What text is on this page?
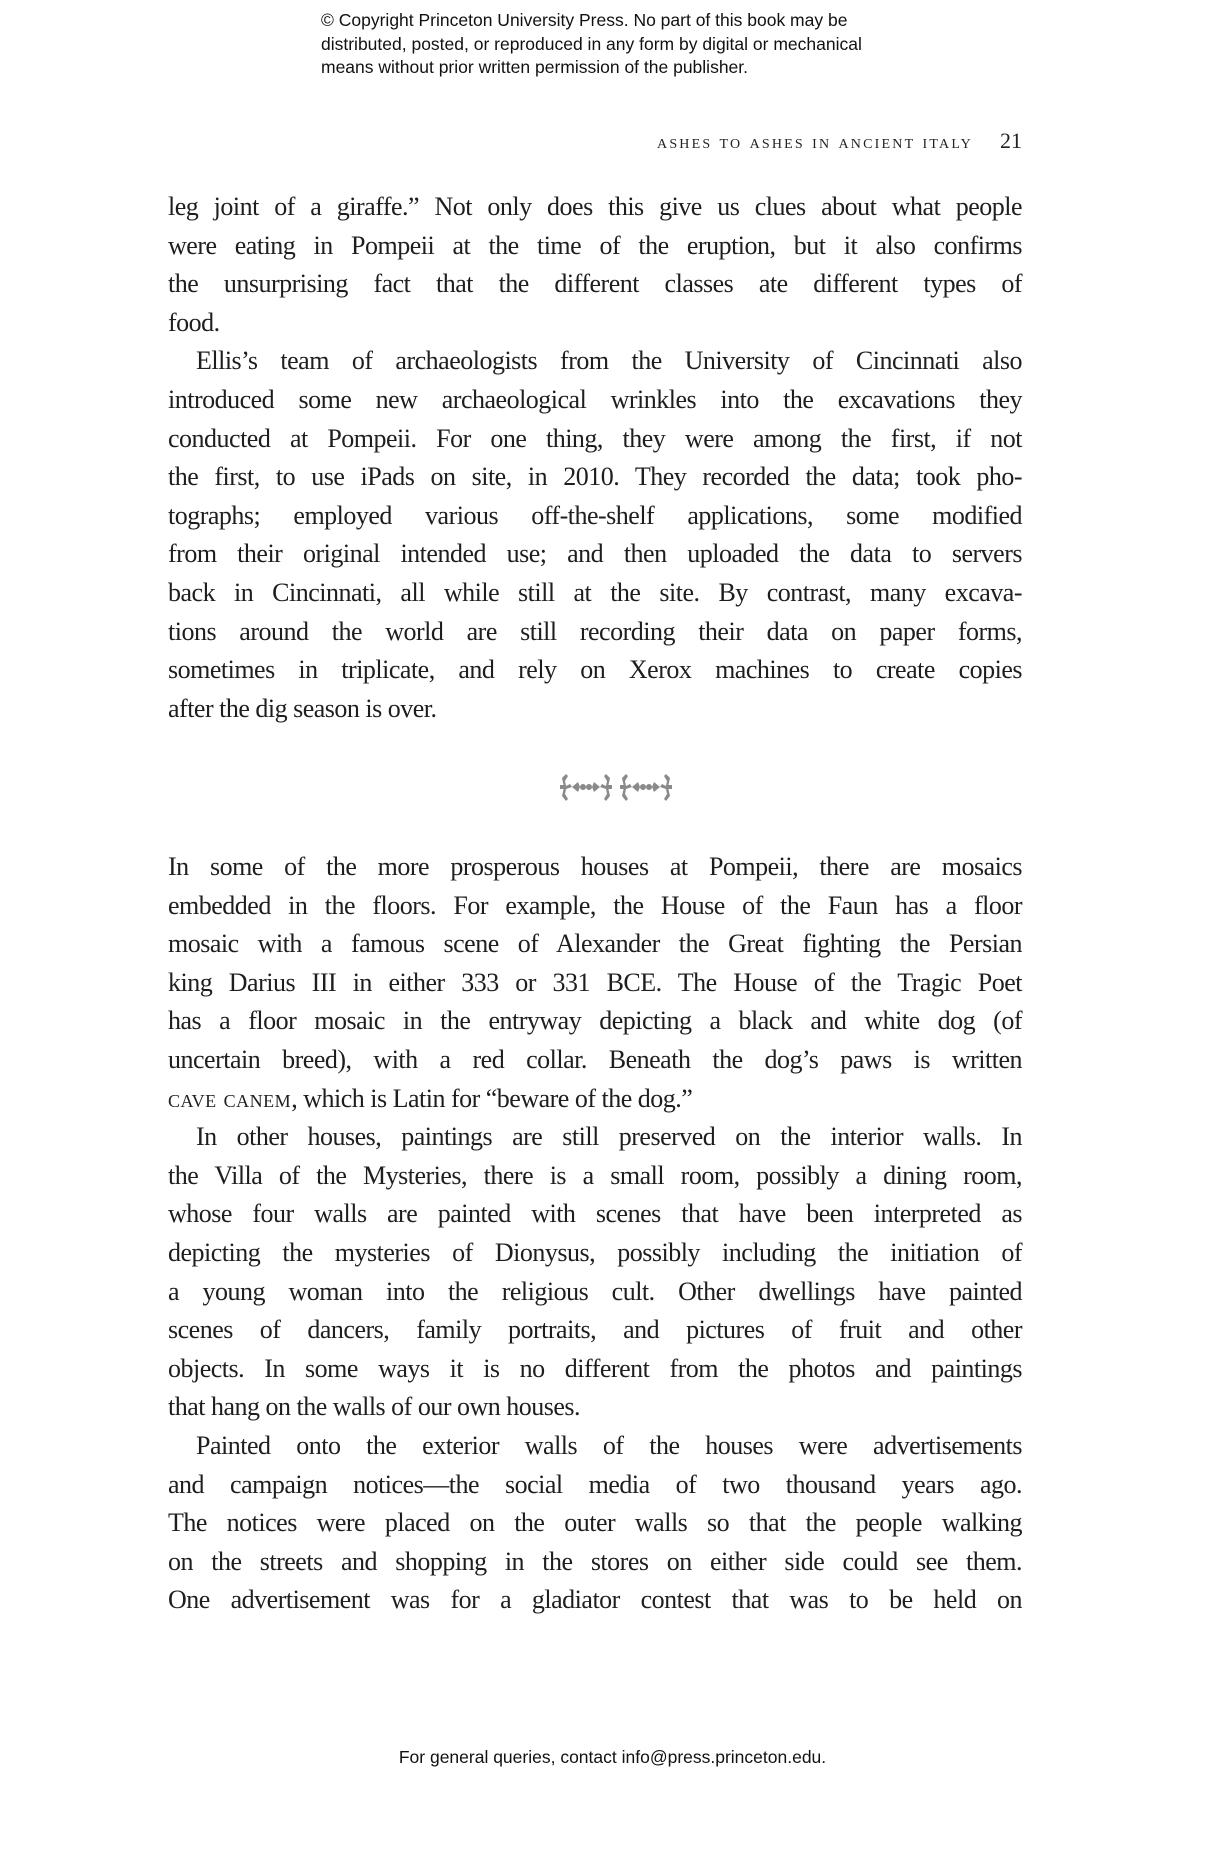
© Copyright Princeton University Press. No part of this book may be
distributed, posted, or reproduced in any form by digital or mechanical
means without prior written permission of the publisher.
ashes to ashes in ancient italy 21
leg joint of a giraffe.” Not only does this give us clues about what people
were eating in Pompeii at the time of the eruption, but it also confirms
the unsurprising fact that the different classes ate different types of
food.
Ellis’s team of archaeologists from the University of Cincinnati also
introduced some new archaeological wrinkles into the excavations they
conducted at Pompeii. For one thing, they were among the first, if not
the first, to use iPads on site, in 2010. They recorded the data; took pho-
tographs; employed various off-the-shelf applications, some modified
from their original intended use; and then uploaded the data to servers
back in Cincinnati, all while still at the site. By contrast, many excava-
tions around the world are still recording their data on paper forms,
sometimes in triplicate, and rely on Xerox machines to create copies
after the dig season is over.
In some of the more prosperous houses at Pompeii, there are mosaics
embedded in the floors. For example, the House of the Faun has a floor
mosaic with a famous scene of Alexander the Great fighting the Persian
king Darius III in either 333 or 331 BCE. The House of the Tragic Poet
has a floor mosaic in the entryway depicting a black and white dog (of
uncertain breed), with a red collar. Beneath the dog’s paws is written
cave canem, which is Latin for “beware of the dog.”
In other houses, paintings are still preserved on the interior walls. In
the Villa of the Mysteries, there is a small room, possibly a dining room,
whose four walls are painted with scenes that have been interpreted as
depicting the mysteries of Dionysus, possibly including the initiation of
a young woman into the religious cult. Other dwellings have painted
scenes of dancers, family portraits, and pictures of fruit and other
objects. In some ways it is no different from the photos and paintings
that hang on the walls of our own houses.
Painted onto the exterior walls of the houses were advertisements
and campaign notices—the social media of two thousand years ago.
The notices were placed on the outer walls so that the people walking
on the streets and shopping in the stores on either side could see them.
One advertisement was for a gladiator contest that was to be held on
For general queries, contact info@press.princeton.edu.
